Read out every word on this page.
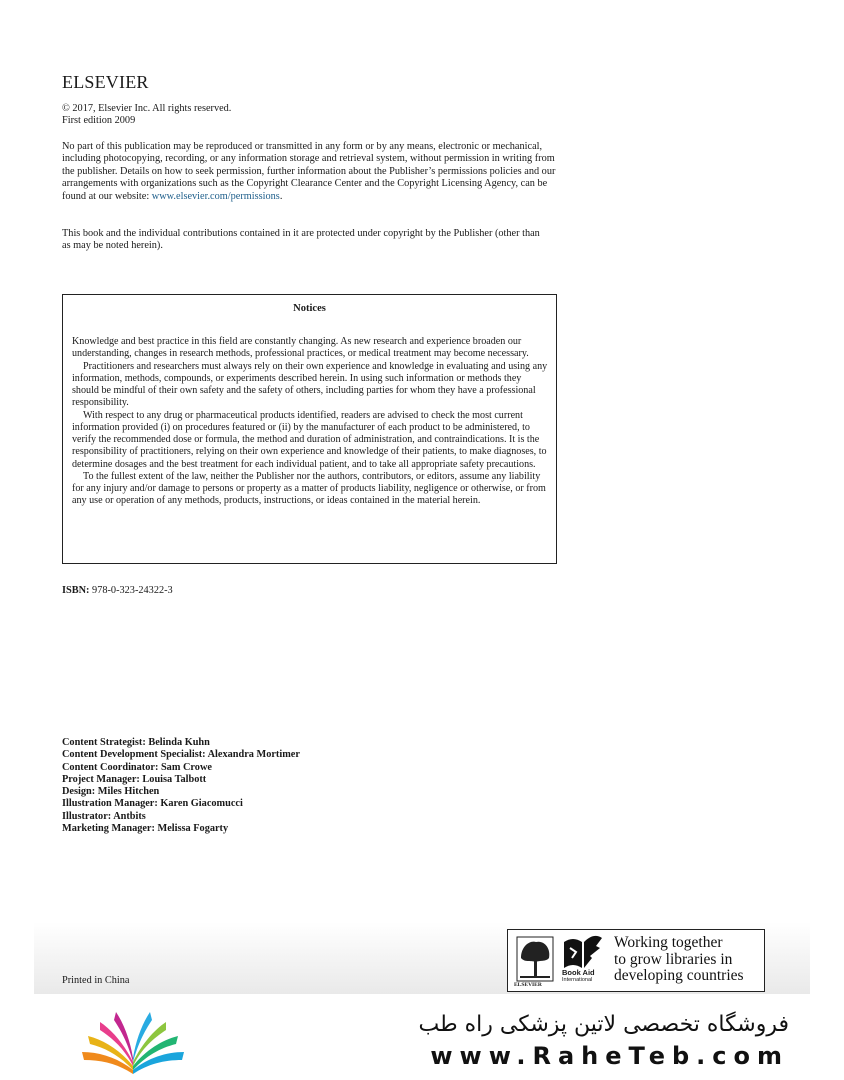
ELSEVIER

© 2017, Elsevier Inc. All rights reserved.

First edition 2009

No part of this publication may be reproduced or transmitted in any form or by any means, electronic or mechanical, including photocopying, recording, or any information storage and retrieval system, without permission in writing from the publisher. Details on how to seek permission, further information about the Publisher’s permissions policies and our arrangements with organizations such as the Copyright Clearance Center and the Copyright Licensing Agency, can be found at our website: www.elsevier.com/permissions.

This book and the individual contributions contained in it are protected under copyright by the Publisher (other than as may be noted herein).

Notices

Knowledge and best practice in this field are constantly changing. As new research and experience broaden our understanding, changes in research methods, professional practices, or medical treatment may become necessary.

Practitioners and researchers must always rely on their own experience and knowledge in evaluating and using any information, methods, compounds, or experiments described herein. In using such information or methods they should be mindful of their own safety and the safety of others, including parties for whom they have a professional responsibility.

With respect to any drug or pharmaceutical products identified, readers are advised to check the most current information provided (i) on procedures featured or (ii) by the manufacturer of each product to be administered, to verify the recommended dose or formula, the method and duration of administration, and contraindications. It is the responsibility of practitioners, relying on their own experience and knowledge of their patients, to make diagnoses, to determine dosages and the best treatment for each individual patient, and to take all appropriate safety precautions.

To the fullest extent of the law, neither the Publisher nor the authors, contributors, or editors, assume any liability for any injury and/or damage to persons or property as a matter of products liability, negligence or otherwise, or from any use or operation of any methods, products, instructions, or ideas contained in the material herein.

ISBN: 978-0-323-24322-3
Content Strategist: Belinda Kuhn
Content Development Specialist: Alexandra Mortimer
Content Coordinator: Sam Crowe
Project Manager: Louisa Talbott
Design: Miles Hitchen
Illustration Manager: Karen Giacomucci
Illustrator: Antbits
Marketing Manager: Melissa Fogarty
Printed in China	ELSEVIER
Book Aid
International
Working together
to grow libraries in
developing countries
فروشگاه تخصصی لاتین پزشکی راه طب
www.RaheTeb.com
